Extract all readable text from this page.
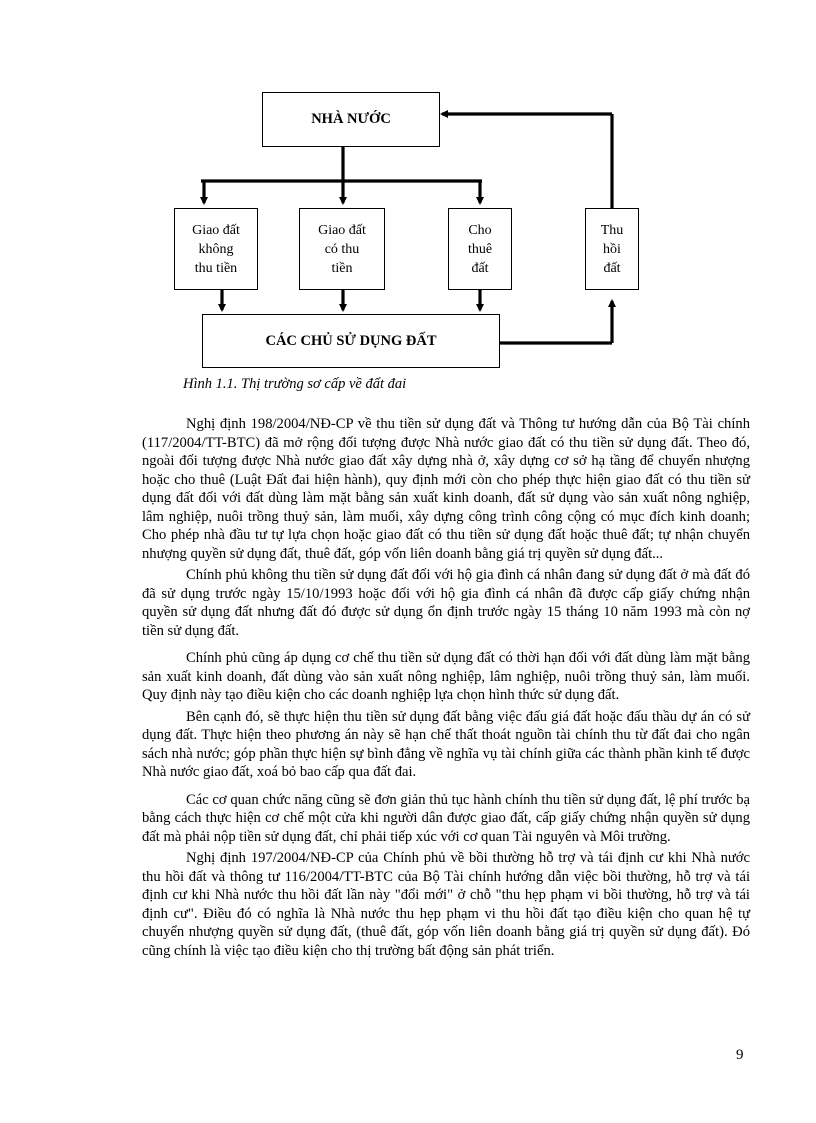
NHÀ NƯỚC
Giao đất
không
thu tiền
Giao đất
có thu
tiền
Cho
thuê
đất
Thu
hồi
đất
CÁC CHỦ SỬ DỤNG ĐẤT
Hình 1.1. Thị trường sơ cấp về đất đai

Nghị định 198/2004/NĐ-CP về thu tiền sử dụng đất và Thông tư hướng dẫn của Bộ Tài chính (117/2004/TT-BTC) đã mở rộng đối tượng được Nhà nước giao đất có thu tiền sử dụng đất. Theo đó, ngoài đối tượng được Nhà nước giao đất xây dựng nhà ở, xây dựng cơ sở hạ tầng để chuyển nhượng hoặc cho thuê (Luật Đất đai hiện hành), quy định mới còn cho phép thực hiện giao đất có thu tiền sử dụng đất đối với đất dùng làm mặt bằng sản xuất kinh doanh, đất sử dụng vào sản xuất nông nghiệp, lâm nghiệp, nuôi trồng thuỷ sản, làm muối, xây dựng công trình công cộng có mục đích kinh doanh; Cho phép nhà đầu tư tự lựa chọn hoặc giao đất có thu tiền sử dụng đất hoặc thuê đất; tự nhận chuyển nhượng quyền sử dụng đất, thuê đất, góp vốn liên doanh bằng giá trị quyền sử dụng đất...

Chính phủ không thu tiền sử dụng đất đối với hộ gia đình cá nhân đang sử dụng đất ở mà đất đó đã sử dụng trước ngày 15/10/1993 hoặc đối với hộ gia đình cá nhân đã được cấp giấy chứng nhận quyền sử dụng đất nhưng đất đó được sử dụng ổn định trước ngày 15 tháng 10 năm 1993 mà còn nợ tiền sử dụng đất.

Chính phủ cũng áp dụng cơ chế thu tiền sử dụng đất có thời hạn đối với đất dùng làm mặt bằng sản xuất kinh doanh, đất dùng vào sản xuất nông nghiệp, lâm nghiệp, nuôi trồng thuỷ sản, làm muối. Quy định này tạo điều kiện cho các doanh nghiệp lựa chọn hình thức sử dụng đất.

Bên cạnh đó, sẽ thực hiện thu tiền sử dụng đất bằng việc đấu giá đất hoặc đấu thầu dự án có sử dụng đất. Thực hiện theo phương án này sẽ hạn chế thất thoát nguồn tài chính thu từ đất đai cho ngân sách nhà nước; góp phần thực hiện sự bình đẳng về nghĩa vụ tài chính giữa các thành phần kinh tế được Nhà nước giao đất, xoá bỏ bao cấp qua đất đai.

Các cơ quan chức năng cũng sẽ đơn giản thủ tục hành chính thu tiền sử dụng đất, lệ phí trước bạ bằng cách thực hiện cơ chế một cửa khi người dân được giao đất, cấp giấy chứng nhận quyền sử dụng đất mà phải nộp tiền sử dụng đất, chỉ phải tiếp xúc với cơ quan Tài nguyên và Môi trường.

Nghị định 197/2004/NĐ-CP của Chính phủ về bồi thường hỗ trợ và tái định cư khi Nhà nước thu hồi đất và thông tư 116/2004/TT-BTC của Bộ Tài chính hướng dẫn việc bồi thường, hỗ trợ và tái định cư khi Nhà nước thu hồi đất lần này "đổi mới" ở chỗ "thu hẹp phạm vi bồi thường, hỗ trợ và tái định cư". Điều đó có nghĩa là Nhà nước thu hẹp phạm vi thu hồi đất tạo điều kiện cho quan hệ tự chuyển nhượng quyền sử dụng đất, (thuê đất, góp vốn liên doanh bằng giá trị quyền sử dụng đất). Đó cũng chính là việc tạo điều kiện cho thị trường bất động sản phát triển.

9
